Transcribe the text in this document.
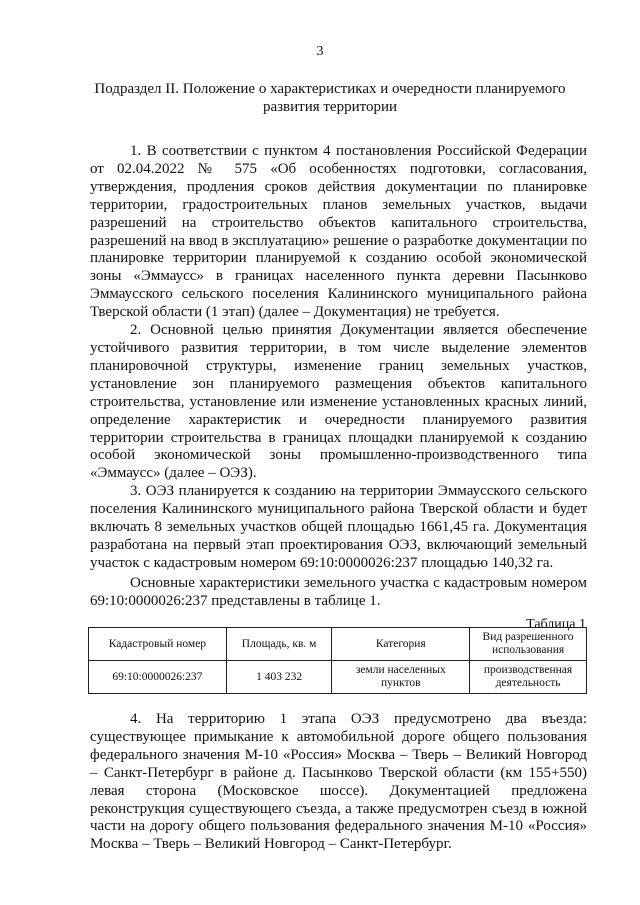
3
Подраздел II. Положение о характеристиках и очередности планируемого развития территории

1. В соответствии с пунктом 4 постановления Российской Федерации от 02.04.2022 № 575 «Об особенностях подготовки, согласования, утверждения, продления сроков действия документации по планировке территории, градостроительных планов земельных участков, выдачи разрешений на строительство объектов капитального строительства, разрешений на ввод в эксплуатацию» решение о разработке документации по планировке территории планируемой к созданию особой экономической зоны «Эммаусс» в границах населенного пункта деревни Пасынково Эммаусского сельского поселения Калининского муниципального района Тверской области (1 этап) (далее – Документация) не требуется.

2. Основной целью принятия Документации является обеспечение устойчивого развития территории, в том числе выделение элементов планировочной структуры, изменение границ земельных участков, установление зон планируемого размещения объектов капитального строительства, установление или изменение установленных красных линий, определение характеристик и очередности планируемого развития территории строительства в границах площадки планируемой к созданию особой экономической зоны промышленно-производственного типа «Эммаусс» (далее – ОЭЗ).

3. ОЭЗ планируется к созданию на территории Эммаусского сельского поселения Калининского муниципального района Тверской области и будет включать 8 земельных участков общей площадью 1661,45 га. Документация разработана на первый этап проектирования ОЭЗ, включающий земельный участок с кадастровым номером 69:10:0000026:237 площадью 140,32 га.

Основные характеристики земельного участка с кадастровым номером 69:10:0000026:237 представлены в таблице 1.

Таблица 1
Кадастровый номер	Площадь, кв. м	Категория	Вид разрешенного использования
69:10:0000026:237	1 403 232	земли населенных пунктов	производственная деятельность

4. На территорию 1 этапа ОЭЗ предусмотрено два въезда: существующее примыкание к автомобильной дороге общего пользования федерального значения М-10 «Россия» Москва – Тверь – Великий Новгород – Санкт-Петербург в районе д. Пасынково Тверской области (км 155+550) левая сторона (Московское шоссе). Документацией предложена реконструкция существующего съезда, а также предусмотрен съезд в южной части на дорогу общего пользования федерального значения М-10 «Россия» Москва – Тверь – Великий Новгород – Санкт-Петербург.
